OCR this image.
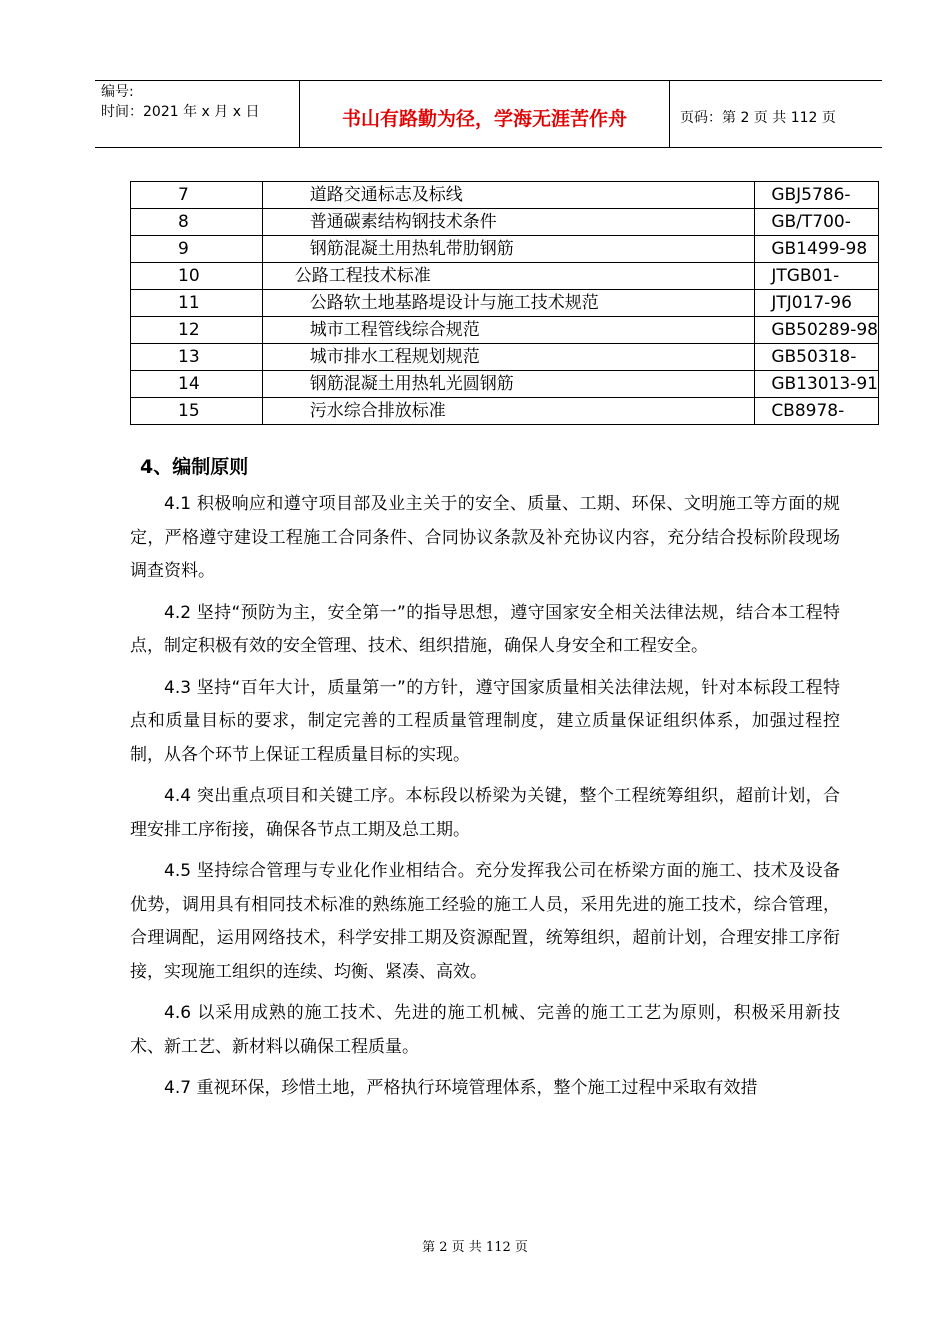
编号:
时间：2021 年 x 月 x 日	书山有路勤为径，学海无涯苦作舟	页码：第 2 页 共 112 页
7	道路交通标志及标线	GBJ5786-
8	普通碳素结构钢技术条件	GB/T700-
9	钢筋混凝土用热轧带肋钢筋	GB1499-98
10	公路工程技术标准	JTGB01-
11	公路软土地基路堤设计与施工技术规范	JTJ017-96
12	城市工程管线综合规范	GB50289-98
13	城市排水工程规划规范	GB50318-
14	钢筋混凝土用热轧光圆钢筋	GB13013-91
15	污水综合排放标准	CB8978-
4、编制原则

4.1 积极响应和遵守项目部及业主关于的安全、质量、工期、环保、文明施工等方面的规定，严格遵守建设工程施工合同条件、合同协议条款及补充协议内容，充分结合投标阶段现场调查资料。

4.2 坚持“预防为主，安全第一”的指导思想，遵守国家安全相关法律法规，结合本工程特点，制定积极有效的安全管理、技术、组织措施，确保人身安全和工程安全。

4.3 坚持“百年大计，质量第一”的方针，遵守国家质量相关法律法规，针对本标段工程特点和质量目标的要求，制定完善的工程质量管理制度，建立质量保证组织体系，加强过程控制，从各个环节上保证工程质量目标的实现。

4.4 突出重点项目和关键工序。本标段以桥梁为关键，整个工程统筹组织，超前计划，合理安排工序衔接，确保各节点工期及总工期。

4.5 坚持综合管理与专业化作业相结合。充分发挥我公司在桥梁方面的施工、技术及设备优势，调用具有相同技术标准的熟练施工经验的施工人员，采用先进的施工技术，综合管理，合理调配，运用网络技术，科学安排工期及资源配置，统筹组织，超前计划，合理安排工序衔接，实现施工组织的连续、均衡、紧凑、高效。

4.6 以采用成熟的施工技术、先进的施工机械、完善的施工工艺为原则，积极采用新技术、新工艺、新材料以确保工程质量。

4.7 重视环保，珍惜土地，严格执行环境管理体系，整个施工过程中采取有效措

第 2 页 共 112 页
